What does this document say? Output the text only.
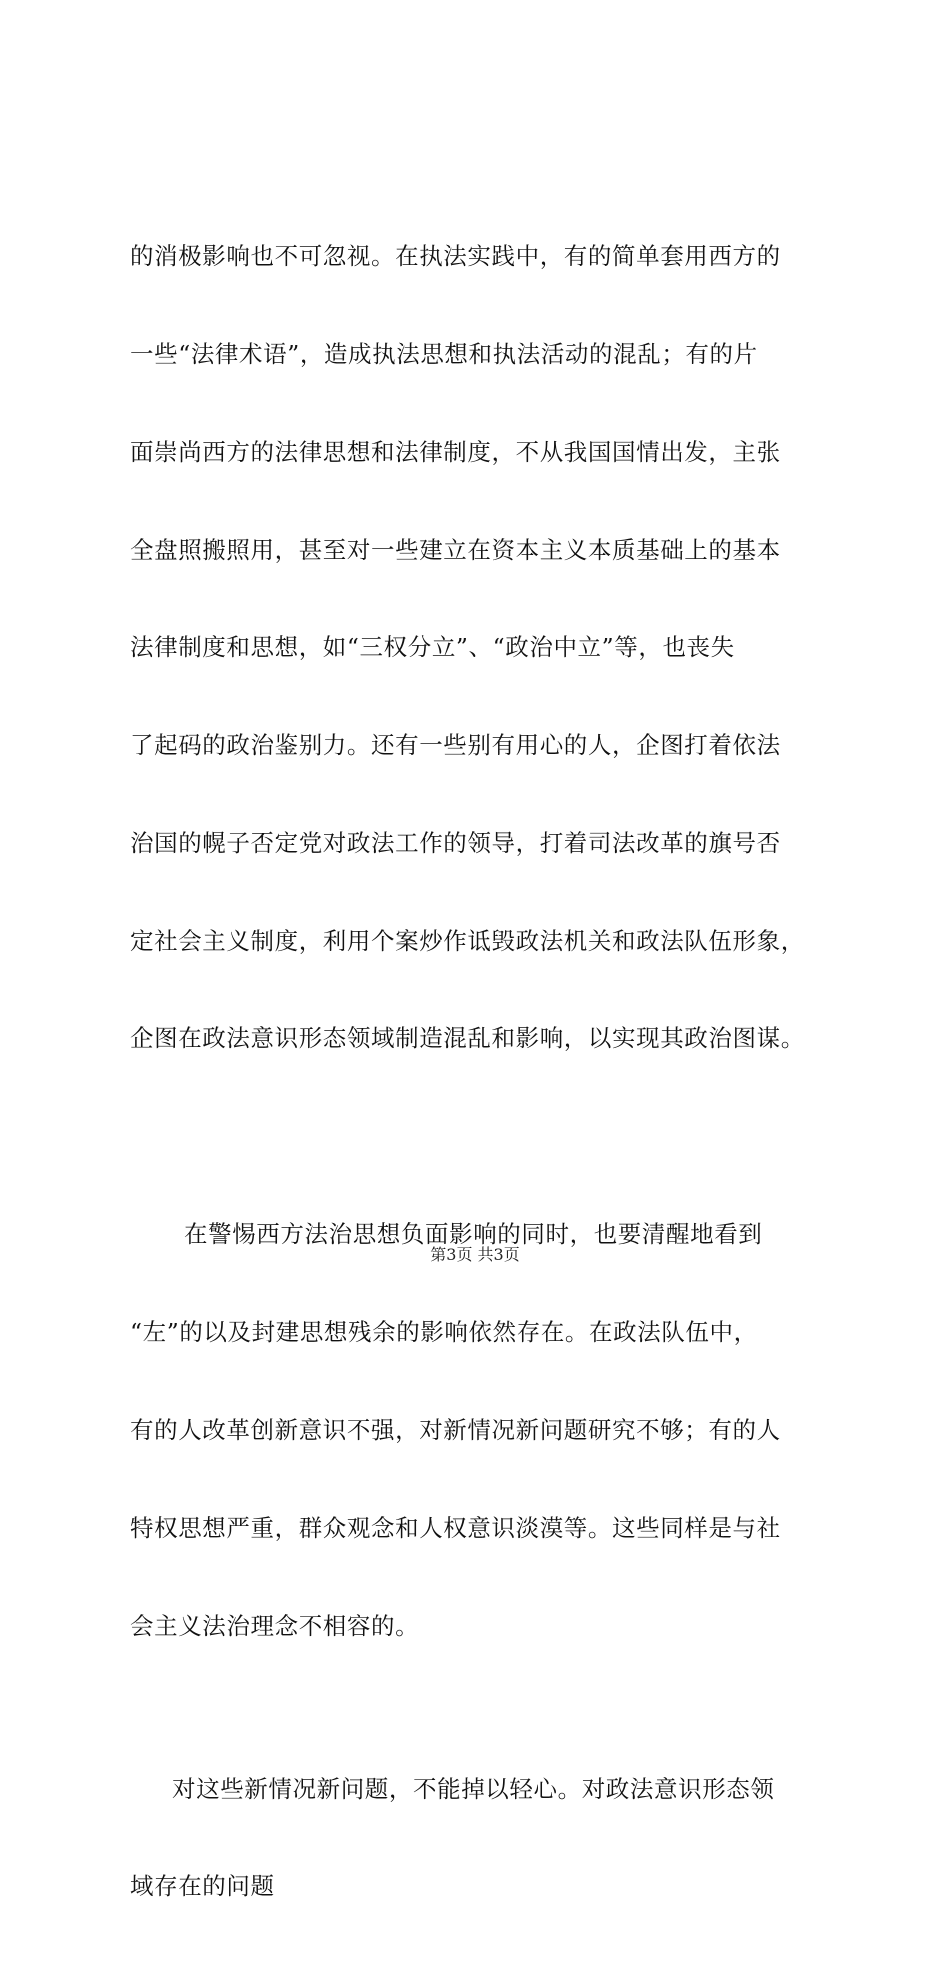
的消极影响也不可忽视。在执法实践中，有的简单套用西方的

一些“法律术语”，造成执法思想和执法活动的混乱；有的片

面崇尚西方的法律思想和法律制度，不从我国国情出发，主张

全盘照搬照用，甚至对一些建立在资本主义本质基础上的基本

法律制度和思想，如“三权分立”、“政治中立”等，也丧失

了起码的政治鉴别力。还有一些别有用心的人，企图打着依法

治国的幌子否定党对政法工作的领导，打着司法改革的旗号否

定社会主义制度，利用个案炒作诋毁政法机关和政法队伍形象，

企图在政法意识形态领域制造混乱和影响，以实现其政治图谋。

在警惕西方法治思想负面影响的同时，也要清醒地看到

“左”的以及封建思想残余的影响依然存在。在政法队伍中，

有的人改革创新意识不强，对新情况新问题研究不够；有的人

特权思想严重，群众观念和人权意识淡漠等。这些同样是与社

会主义法治理念不相容的。

对这些新情况新问题，不能掉以轻心。对政法意识形态领

域存在的问题

第3页 共3页
